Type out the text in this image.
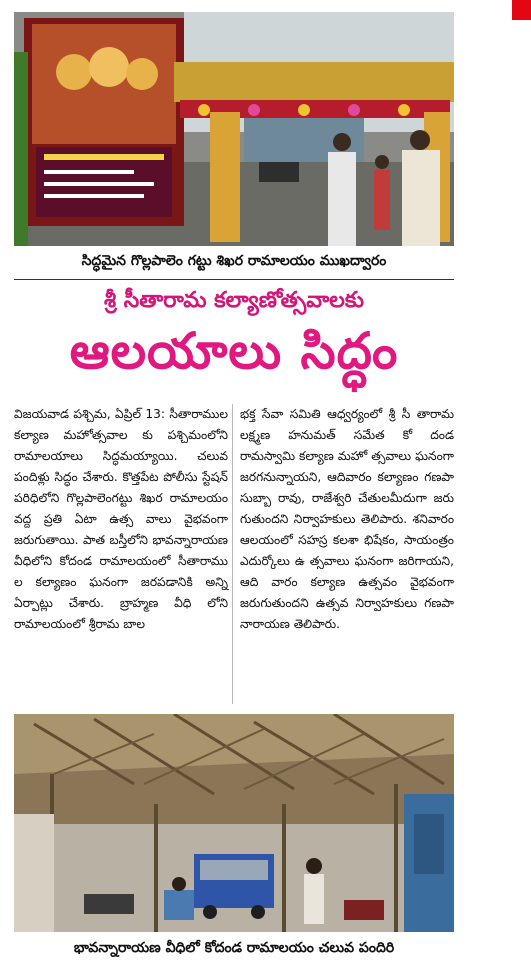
సిద్ధమైన గొల్లపాలెం గట్టు శిఖర రామాలయం ముఖద్వారం
శ్రీ సీతారామ కల్యాణోత్సవాలకు
ఆలయాలు సిద్ధం
విజయవాడ పశ్చిమ, ఏప్రిల్ 13: సీతారాముల కల్యాణ మహోత్సవాల కు పశ్చిమంలోని రామాలయాలు సిద్ధమయ్యాయి. చలువ పందిళ్లు సిద్ధం చేశారు. కొత్తపేట పోలీసు స్టేషన్ పరిధిలోని గొల్లపాలెంగట్టు శిఖర రామాలయం వద్ద ప్రతి ఏటా ఉత్స వాలు వైభవంగా జరుగుతాయి. పాత బస్తీలోని భావన్నారాయణ వీధిలోని కోదండ రామాలయంలో సీతారాము ల కల్యాణం ఘనంగా జరపడానికి అన్ని ఏర్పాట్లు చేశారు. బ్రాహ్మణ వీధి లోని రామాలయంలో శ్రీరామ బాల
భక్త సేవా సమితి ఆధ్వర్యంలో శ్రీ సీ తారామ లక్ష్మణ హనుమత్ సమేత కో దండ రామస్వామి కల్యాణ మహో త్సవాలు ఘనంగా జరగనున్నాయని, ఆదివారం కల్యాణం గణపా సుబ్బా రావు, రాజేశ్వరి చేతులమీదుగా జరు గుతుందని నిర్వాహకులు తెలిపారు. శనివారం ఆలయంలో సహస్ర కలశా భిషేకం, సాయంత్రం ఎదుర్కోలు ఉ త్సవాలు ఘనంగా జరిగాయని, ఆది వారం కల్యాణ ఉత్సవం వైభవంగా జరుగుతుందని ఉత్సవ నిర్వాహకులు గణపా నారాయణ తెలిపారు.
భావన్నారాయణ వీధిలో కోదండ రామాలయం చలువ పందిరి
